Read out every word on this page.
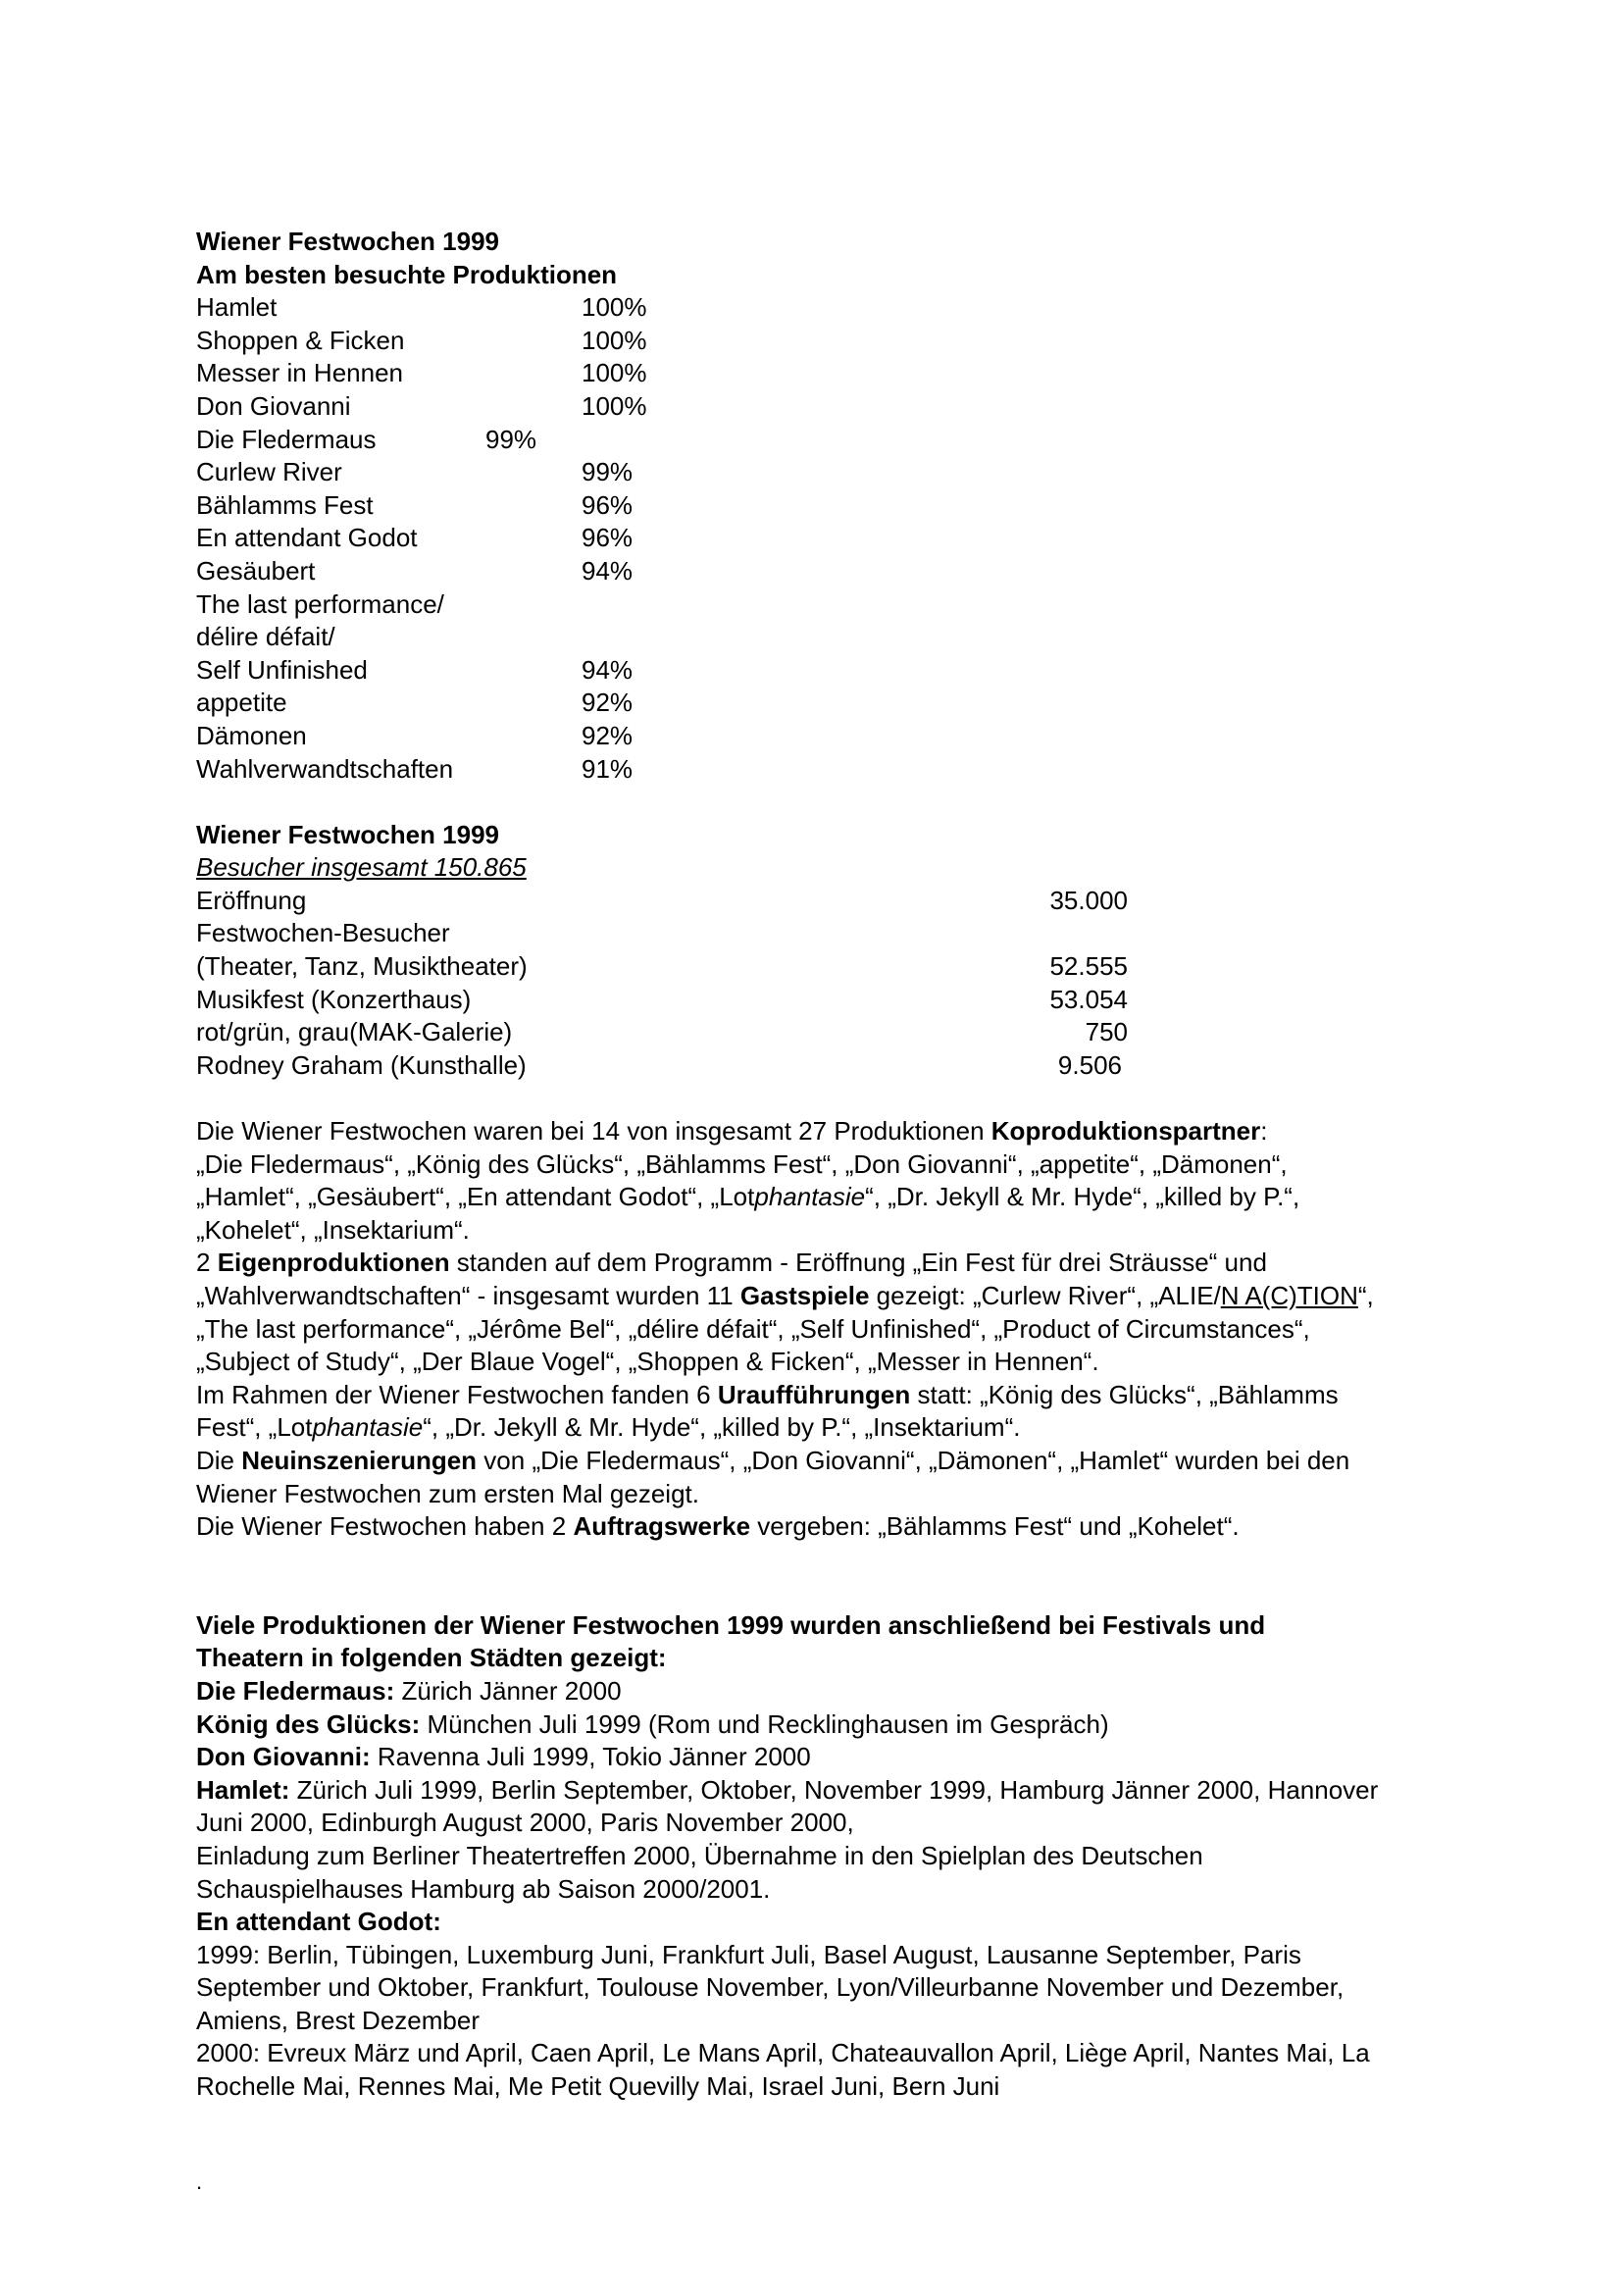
Wiener Festwochen 1999
Am besten besuchte Produktionen
Hamlet	100%
Shoppen & Ficken	100%
Messer in Hennen	100%
Don Giovanni	100%
Die Fledermaus	99%
Curlew River	99%
Bählamms Fest	96%
En attendant Godot	96%
Gesäubert	94%
The last performance/
délire défait/
Self Unfinished	94%
appetite	92%
Dämonen	92%
Wahlverwandtschaften	91%
Wiener Festwochen 1999
Besucher insgesamt 150.865
Eröffnung	35.000
Festwochen-Besucher
(Theater, Tanz, Musiktheater)	52.555
Musikfest (Konzerthaus)	53.054
rot/grün, grau(MAK-Galerie)	750
Rodney Graham (Kunsthalle)	9.506
Die Wiener Festwochen waren bei 14 von insgesamt 27 Produktionen Koproduktionspartner:
„Die Fledermaus“, „König des Glücks“, „Bählamms Fest“, „Don Giovanni“, „appetite“, „Dämonen“,
„Hamlet“, „Gesäubert“, „En attendant Godot“, „Lotphantasie“, „Dr. Jekyll & Mr. Hyde“, „killed by P.“,
„Kohelet“, „Insektarium“.
2 Eigenproduktionen standen auf dem Programm - Eröffnung „Ein Fest für drei Sträusse“ und
„Wahlverwandtschaften“ - insgesamt wurden 11 Gastspiele gezeigt: „Curlew River“, „ALIE/N A(C)TION“,
„The last performance“, „Jérôme Bel“, „délire défait“, „Self Unfinished“, „Product of Circumstances“,
„Subject of Study“, „Der Blaue Vogel“, „Shoppen & Ficken“, „Messer in Hennen“.
Im Rahmen der Wiener Festwochen fanden 6 Uraufführungen statt: „König des Glücks“, „Bählamms
Fest“, „Lotphantasie“, „Dr. Jekyll & Mr. Hyde“, „killed by P.“, „Insektarium“.
Die Neuinszenierungen von „Die Fledermaus“, „Don Giovanni“, „Dämonen“, „Hamlet“ wurden bei den
Wiener Festwochen zum ersten Mal gezeigt.
Die Wiener Festwochen haben 2 Auftragswerke vergeben: „Bählamms Fest“ und „Kohelet“.
Viele Produktionen der Wiener Festwochen 1999 wurden anschließend bei Festivals und
Theatern in folgenden Städten gezeigt:
Die Fledermaus: Zürich Jänner 2000
König des Glücks: München Juli 1999 (Rom und Recklinghausen im Gespräch)
Don Giovanni: Ravenna Juli 1999, Tokio Jänner 2000
Hamlet: Zürich Juli 1999, Berlin September, Oktober, November 1999, Hamburg Jänner 2000, Hannover
Juni 2000, Edinburgh August 2000, Paris November 2000,
Einladung zum Berliner Theatertreffen 2000, Übernahme in den Spielplan des Deutschen
Schauspielhauses Hamburg ab Saison 2000/2001.
En attendant Godot:
1999: Berlin, Tübingen, Luxemburg Juni, Frankfurt Juli, Basel August, Lausanne September, Paris
September und Oktober, Frankfurt, Toulouse November, Lyon/Villeurbanne November und Dezember,
Amiens, Brest Dezember
2000: Evreux März und April, Caen April, Le Mans April, Chateauvallon April, Liège April, Nantes Mai, La
Rochelle Mai, Rennes Mai, Me Petit Quevilly Mai, Israel Juni, Bern Juni
.
